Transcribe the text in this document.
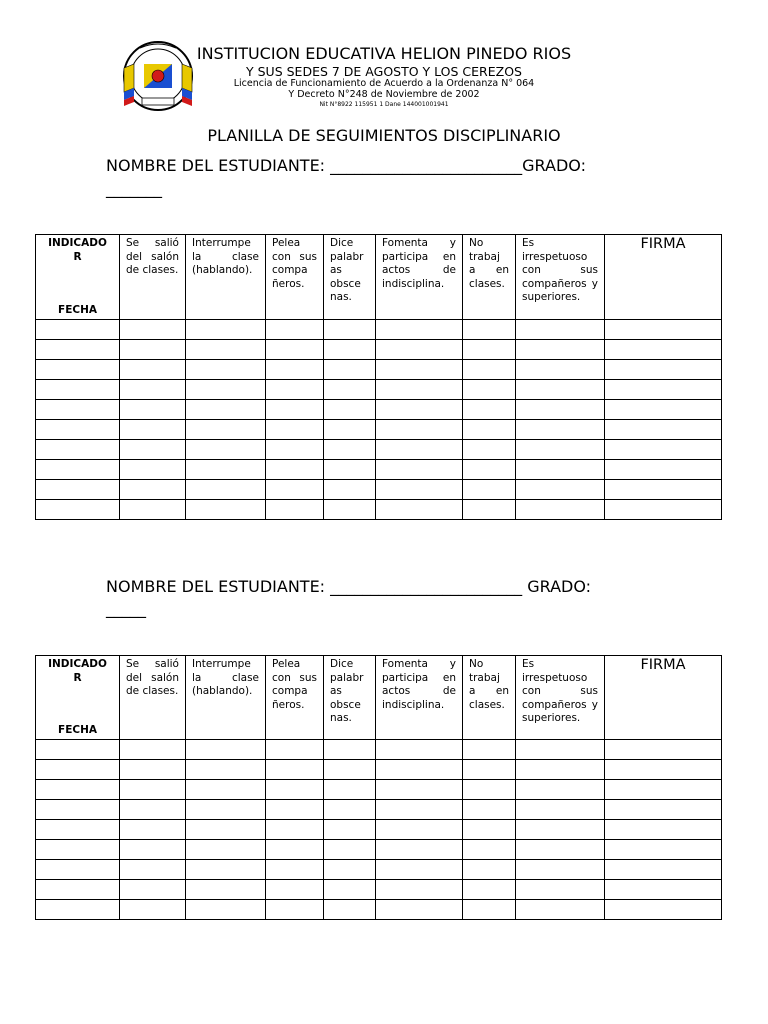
INSTITUCION EDUCATIVA HELION PINEDO RIOS
Y SUS SEDES 7 DE AGOSTO Y LOS CEREZOS
Licencia de Funcionamiento de Acuerdo a la Ordenanza N° 064
Y Decreto N°248 de Noviembre de 2002
Nit N°8922 115951 1 Dane 144001001941
PLANILLA DE SEGUIMIENTOS DISCIPLINARIO
NOMBRE DEL ESTUDIANTE: ________________________GRADO:
_______
INDICADO R
FECHA	Se salió del salón de clases.	Interrumpe la clase (hablando).	Pelea con sus compa ñeros.	Dice palabr as obsce nas.	Fomenta y participa en actos de indisciplina.	No trabaj a en clases.	Es irrespetuoso con sus compañeros y superiores.	FIRMA

NOMBRE DEL ESTUDIANTE: ________________________ GRADO:
_____
INDICADO R
FECHA	Se salió del salón de clases.	Interrumpe la clase (hablando).	Pelea con sus compa ñeros.	Dice palabr as obsce nas.	Fomenta y participa en actos de indisciplina.	No trabaj a en clases.	Es irrespetuoso con sus compañeros y superiores.	FIRMA
